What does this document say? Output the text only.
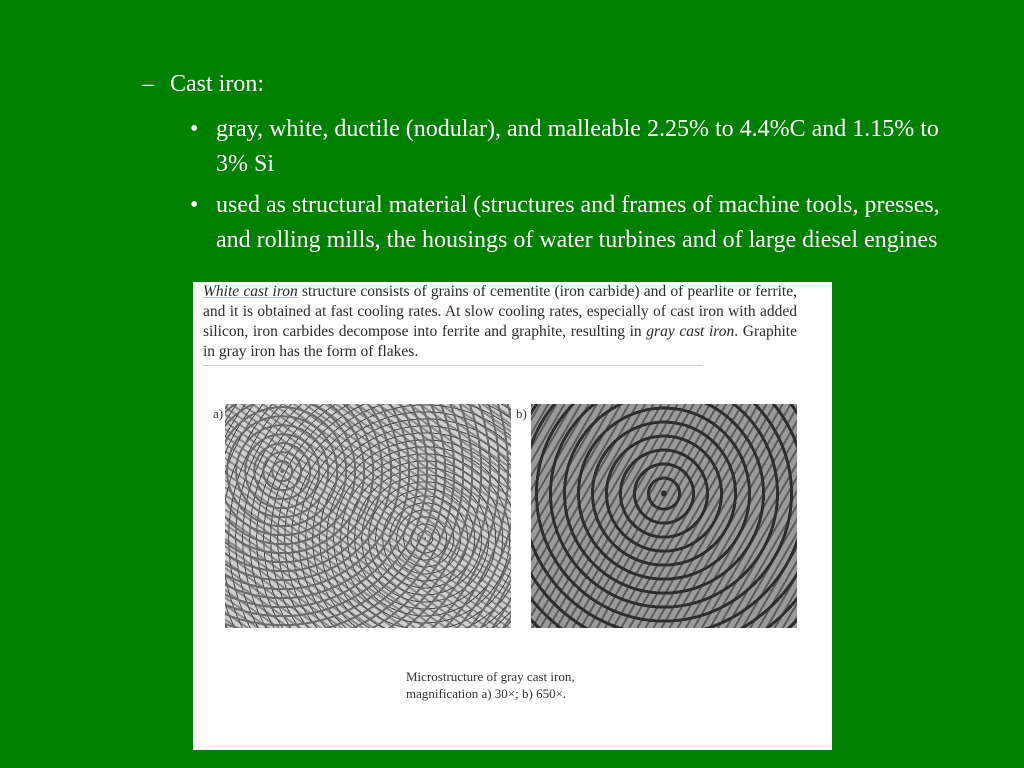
– Cast iron:
• gray, white, ductile (nodular), and malleable 2.25% to 4.4%C and 1.15% to 3% Si
• used as structural material (structures and frames of machine tools, presses, and rolling mills, the housings of water turbines and of large diesel engines
White cast iron structure consists of grains of cementite (iron carbide) and of pearlite or ferrite, and it is obtained at fast cooling rates. At slow cooling rates, especially of cast iron with added silicon, iron carbides decompose into ferrite and graphite, resulting in gray cast iron. Graphite in gray iron has the form of flakes.
a)	b)
Microstructure of gray cast iron, magnification a) 30×; b) 650×.
